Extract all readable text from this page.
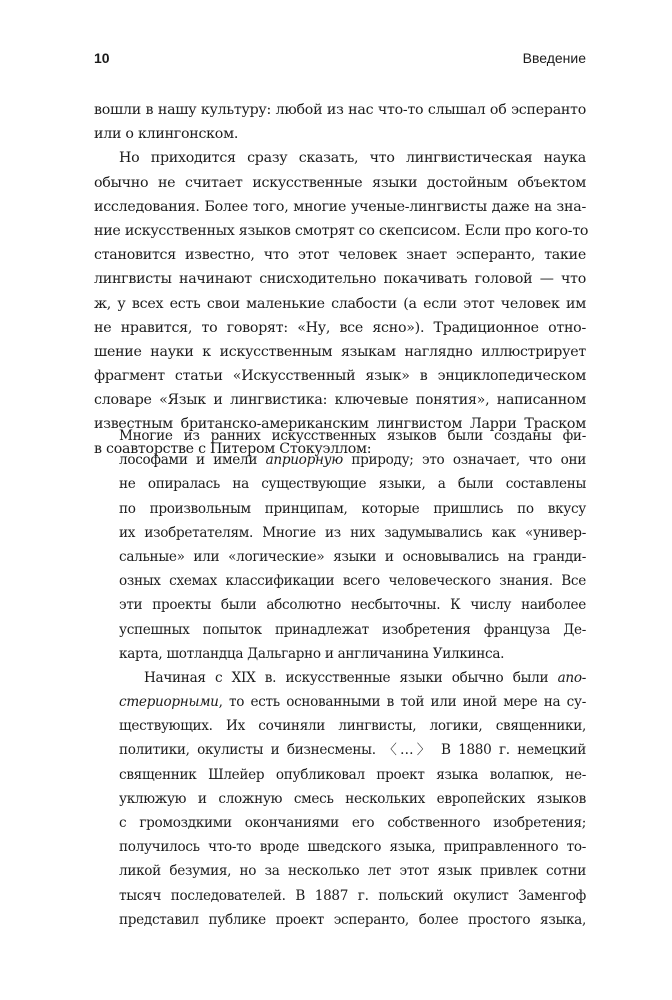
10	Введение
вошли в нашу культуру: любой из нас что-то слышал об эсперанто
или о клингонском.
Но приходится сразу сказать, что лингвистическая наука
обычно не считает искусственные языки достойным объектом
исследования. Более того, многие ученые-лингвисты даже на зна-
ние искусственных языков смотрят со скепсисом. Если про кого-то
становится известно, что этот человек знает эсперанто, такие
лингвисты начинают снисходительно покачивать головой — что
ж, у всех есть свои маленькие слабости (а если этот человек им
не нравится, то говорят: «Ну, все ясно»). Традиционное отно-
шение науки к искусственным языкам наглядно иллюстрирует
фрагмент статьи «Искусственный язык» в энциклопедическом
словаре «Язык и лингвистика: ключевые понятия», написанном
известным британско-американским лингвистом Ларри Траском
в соавторстве с Питером Стокуэллом:
Многие из ранних искусственных языков были созданы фи-
лософами и имели априорную природу; это означает, что они
не опиралась на существующие языки, а были составлены
по произвольным принципам, которые пришлись по вкусу
их изобретателям. Многие из них задумывались как «универ-
сальные» или «логические» языки и основывались на гранди-
озных схемах классификации всего человеческого знания. Все
эти проекты были абсолютно несбыточны. К числу наиболее
успешных попыток принадлежат изобретения француза Де-
карта, шотландца Дальгарно и англичанина Уилкинса.
Начиная с XIX в. искусственные языки обычно были апо-
стериорными, то есть основанными в той или иной мере на су-
ществующих. Их сочиняли лингвисты, логики, священники,
политики, окулисты и бизнесмены. 〈…〉 В 1880 г. немецкий
священник Шлейер опубликовал проект языка волапюк, не-
уклюжую и сложную смесь нескольких европейских языков
с громоздкими окончаниями его собственного изобретения;
получилось что-то вроде шведского языка, приправленного то-
ликой безумия, но за несколько лет этот язык привлек сотни
тысяч последователей. В 1887 г. польский окулист Заменгоф
представил публике проект эсперанто, более простого языка,
